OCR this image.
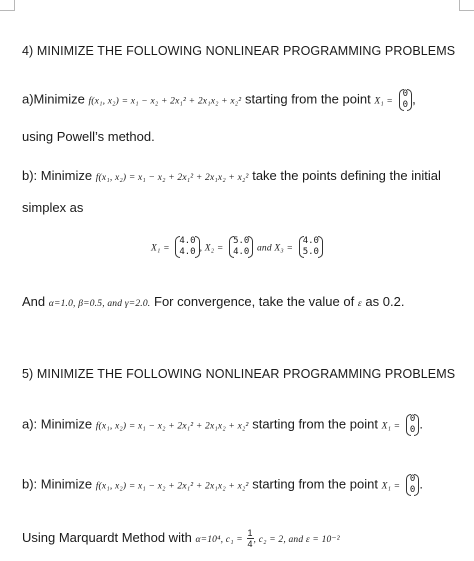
4) MINIMIZE THE FOLLOWING NONLINEAR PROGRAMMING PROBLEMS
a)Minimize f(x₁, x₂) = x₁ − x₂ + 2x₁² + 2x₁x₂ + x₂² starting from the point X₁ =
0
0 ,
using Powell’s method.
b): Minimize f(x₁, x₂) = x₁ − x₂ + 2x₁² + 2x₁x₂ + x₂² take the points defining the initial
simplex as
X₁ =
4.0
4.0 , X₂ =
5.0
4.0 and X₃ =
4.0
5.0
And α=1.0, β=0.5, and γ=2.0. For convergence, take the value of ε as 0.2.
5) MINIMIZE THE FOLLOWING NONLINEAR PROGRAMMING PROBLEMS
a): Minimize f(x₁, x₂) = x₁ − x₂ + 2x₁² + 2x₁x₂ + x₂² starting from the point X₁ =
0
0 .
b): Minimize f(x₁, x₂) = x₁ − x₂ + 2x₁² + 2x₁x₂ + x₂² starting from the point X₁ =
0
0 .
Using Marquardt Method with α=10⁴, $c_1 = \frac{1}{4}$ , c₂ = 2, and ε = 10⁻²
